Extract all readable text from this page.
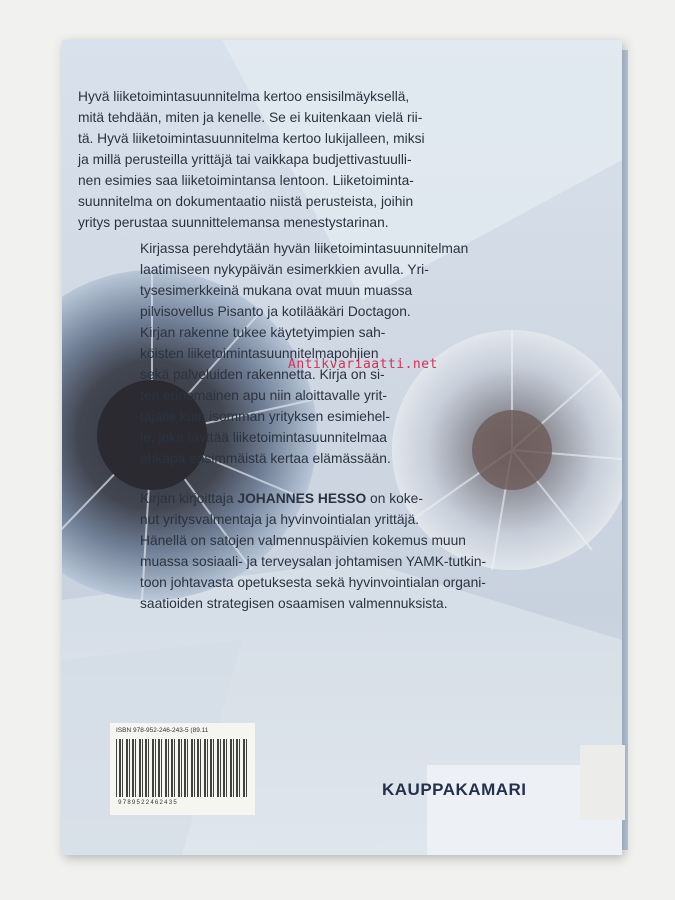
Hyvä liiketoimintasuunnitelma kertoo ensisilmäyksellä,
mitä tehdään, miten ja kenelle. Se ei kuitenkaan vielä rii-
tä. Hyvä liiketoimintasuunnitelma kertoo lukijalleen, miksi
ja millä perusteilla yrittäjä tai vaikkapa budjettivastuulli-
nen esimies saa liiketoimintansa lentoon. Liiketoiminta-
suunnitelma on dokumentaatio niistä perusteista, joihin
yritys perustaa suunnittelemansa menestystarinan.
Kirjassa perehdytään hyvän liiketoimintasuunnitelman
laatimiseen nykypäivän esimerkkien avulla. Yri-
tysesimerkkeinä mukana ovat muun muassa
pilvisovellus Pisanto ja kotilääkäri Doctagon.
Kirjan rakenne tukee käytetyimpien sah-
köisten liiketoimintasuunnitelmapohjien
sekä palveluiden rakennetta. Kirja on si-
ten erinomainen apu niin aloittavalle yrit-
täjälle kuin isomman yrityksen esimiehel-
le, joka täyttää liiketoimintasuunnitelmaa
ehkäpä ensimmäistä kertaa elämässään.
Kirjan kirjoittaja JOHANNES HESSO on koke-
nut yritysvalmentaja ja hyvinvointialan yrittäjä.
Hänellä on satojen valmennuspäivien kokemus muun
muassa sosiaali- ja terveysalan johtamisen YAMK-tutkin-
toon johtavasta opetuksesta sekä hyvinvointialan organi-
saatioiden strategisen osaamisen valmennuksista.
Antikvariaatti.net
ISBN 978-952-246-243-5 (89.11
9789522462435
KAUPPAKAMARI
